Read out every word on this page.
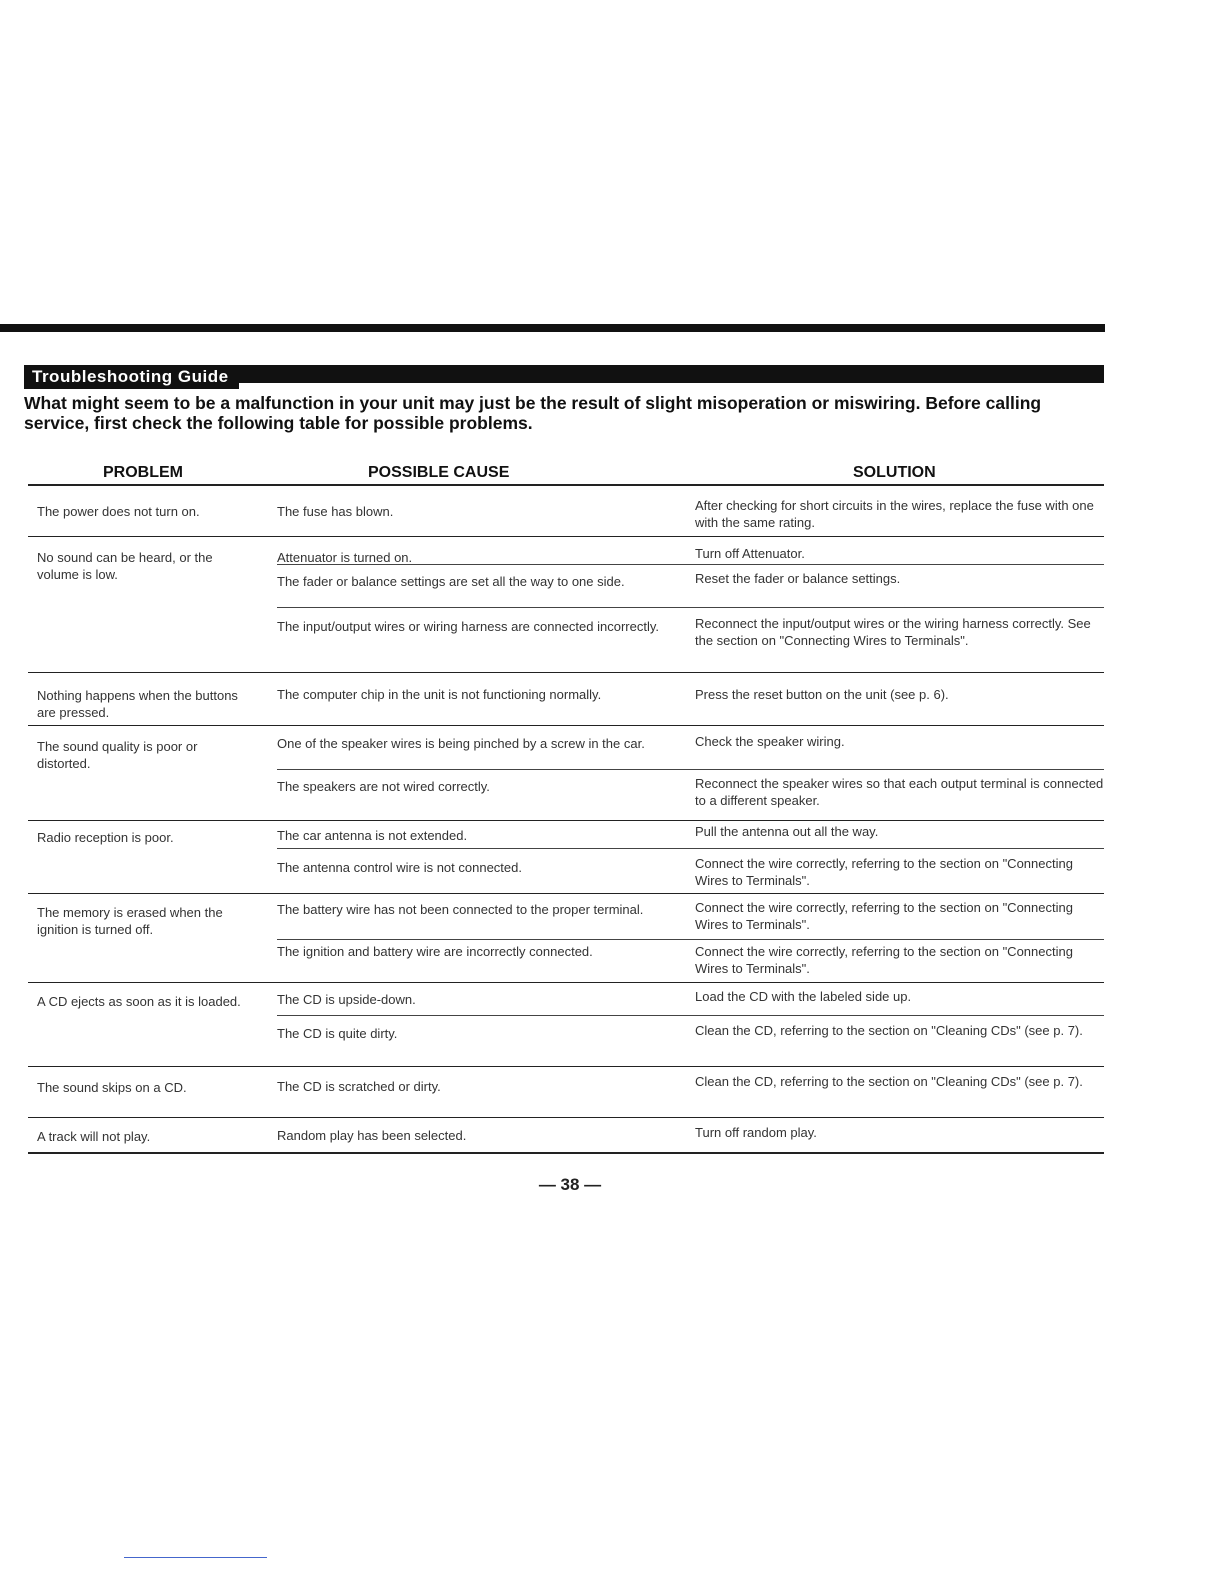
Troubleshooting Guide

What might seem to be a malfunction in your unit may just be the result of slight misoperation or miswiring. Before calling service, first check the following table for possible problems.

PROBLEM	POSSIBLE CAUSE	SOLUTION
The power does not turn on.	The fuse has blown.	After checking for short circuits in the wires, replace the fuse with one with the same rating.
No sound can be heard, or the volume is low.
Attenuator is turned on.	Turn off Attenuator.
The fader or balance settings are set all the way to one side.	Reset the fader or balance settings.
The input/output wires or wiring harness are connected incorrectly.	Reconnect the input/output wires or the wiring harness correctly. See the section on "Connecting Wires to Terminals".
Nothing happens when the buttons are pressed.
The computer chip in the unit is not functioning normally.	Press the reset button on the unit (see p. 6).
The sound quality is poor or distorted.
One of the speaker wires is being pinched by a screw in the car.	Check the speaker wiring.
The speakers are not wired correctly.	Reconnect the speaker wires so that each output terminal is connected to a different speaker.
Radio reception is poor.	The car antenna is not extended.	Pull the antenna out all the way.
The antenna control wire is not connected.	Connect the wire correctly, referring to the section on "Connecting Wires to Terminals".
The memory is erased when the ignition is turned off.
The battery wire has not been connected to the proper terminal.	Connect the wire correctly, referring to the section on "Connecting Wires to Terminals".
The ignition and battery wire are incorrectly connected.	Connect the wire correctly, referring to the section on "Connecting Wires to Terminals".
A CD ejects as soon as it is loaded.	The CD is upside-down.	Load the CD with the labeled side up.
The CD is quite dirty.	Clean the CD, referring to the section on "Cleaning CDs" (see p. 7).
The sound skips on a CD.	The CD is scratched or dirty.	Clean the CD, referring to the section on "Cleaning CDs" (see p. 7).
A track will not play.	Random play has been selected.	Turn off random play.
— 38 —
